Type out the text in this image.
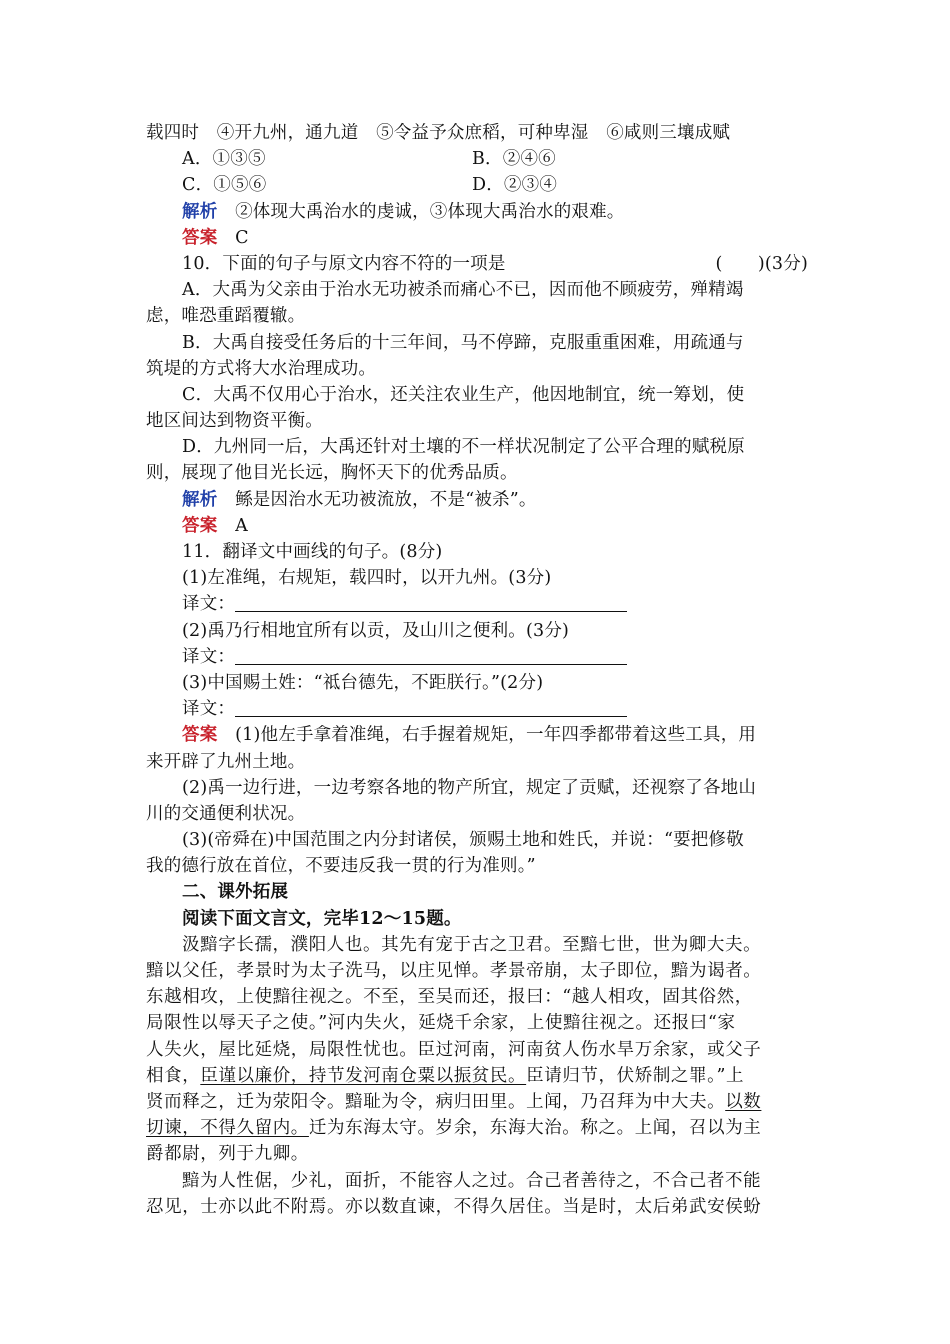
载四时　④开九州，通九道　⑤令益予众庶稻，可种卑湿　⑥咸则三壤成赋
A．①③⑤	B．②④⑥
C．①⑤⑥	D．②③④
解析　 ②体现大禹治水的虔诚，③体现大禹治水的艰难。
答案　 C
10．下面的句子与原文内容不符的一项是	(　　)(3分)
A．大禹为父亲由于治水无功被杀而痛心不已，因而他不顾疲劳，殚精竭
虑，唯恐重蹈覆辙。
B．大禹自接受任务后的十三年间，马不停蹄，克服重重困难，用疏通与
筑堤的方式将大水治理成功。
C．大禹不仅用心于治水，还关注农业生产，他因地制宜，统一筹划，使
地区间达到物资平衡。
D．九州同一后，大禹还针对土壤的不一样状况制定了公平合理的赋税原
则，展现了他目光长远，胸怀天下的优秀品质。
解析　 鲧是因治水无功被流放，不是“被杀”。
答案　 A
11．翻译文中画线的句子。(8分)
(1)左准绳，右规矩，载四时，以开九州。(3分)
译文：
(2)禹乃行相地宜所有以贡，及山川之便利。(3分)
译文：
(3)中国赐土姓：“祗台德先，不距朕行。”(2分)
译文：
答案　 (1)他左手拿着准绳，右手握着规矩，一年四季都带着这些工具，用
来开辟了九州土地。
(2)禹一边行进，一边考察各地的物产所宜，规定了贡赋，还视察了各地山
川的交通便利状况。
(3)(帝舜在)中国范围之内分封诸侯，颁赐土地和姓氏，并说：“要把修敬
我的德行放在首位，不要违反我一贯的行为准则。”
二、课外拓展
阅读下面文言文，完毕12～15题。
汲黯字长孺，濮阳人也。其先有宠于古之卫君。至黯七世，世为卿大夫。
黯以父任，孝景时为太子洗马，以庄见惮。孝景帝崩，太子即位，黯为谒者。
东越相攻，上使黯往视之。不至，至吴而还，报曰：“越人相攻，固其俗然，
局限性以辱天子之使。”河内失火，延烧千余家，上使黯往视之。还报曰“家
人失火，屋比延烧，局限性忧也。臣过河南，河南贫人伤水旱万余家，或父子
相食，臣谨以廉价，持节发河南仓粟以振贫民。臣请归节，伏矫制之罪。”上
贤而释之，迁为荥阳令。黯耻为令，病归田里。上闻，乃召拜为中大夫。以数
切谏，不得久留内。迁为东海太守。岁余，东海大治。称之。上闻，召以为主
爵都尉，列于九卿。
黯为人性倨，少礼，面折，不能容人之过。合己者善待之，不合己者不能
忍见，士亦以此不附焉。亦以数直谏，不得久居住。当是时，太后弟武安侯蚡
